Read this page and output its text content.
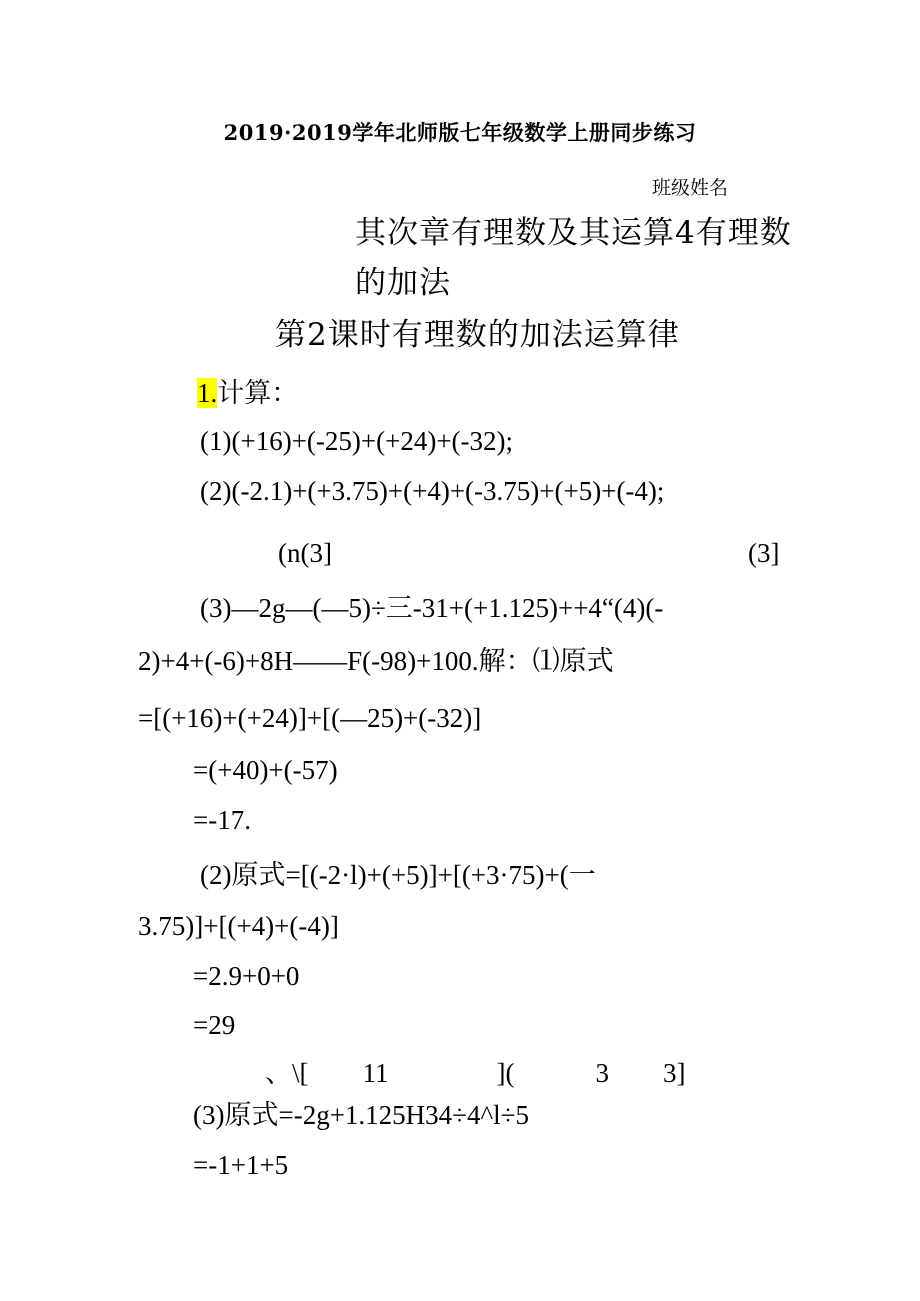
2019·2019学年北师版七年级数学上册同步练习
班级姓名
其次章有理数及其运算4有理数
的加法
第2课时有理数的加法运算律
1.计算：
(1)(+16)+(-25)+(+24)+(-32);
(2)(-2.1)+(+3.75)+(+4)+(-3.75)+(+5)+(-4);
(n(3]	(3]
(3)—2g—(—5)÷三-31+(+1.125)++4“(4)(-
2)+4+(-6)+8H——F(-98)+100.解：⑴原式
=[(+16)+(+24)]+[(—25)+(-32)]
=(+40)+(-57)
=-17.
(2)原式=[(-2·l)+(+5)]+[(+3·75)+(一
3.75)]+[(+4)+(-4)]
=2.9+0+0
=29
、\[　　11　　　　](　　　3　　3]
(3)原式=-2g+1.125H34÷4^l÷5
=-1+1+5
